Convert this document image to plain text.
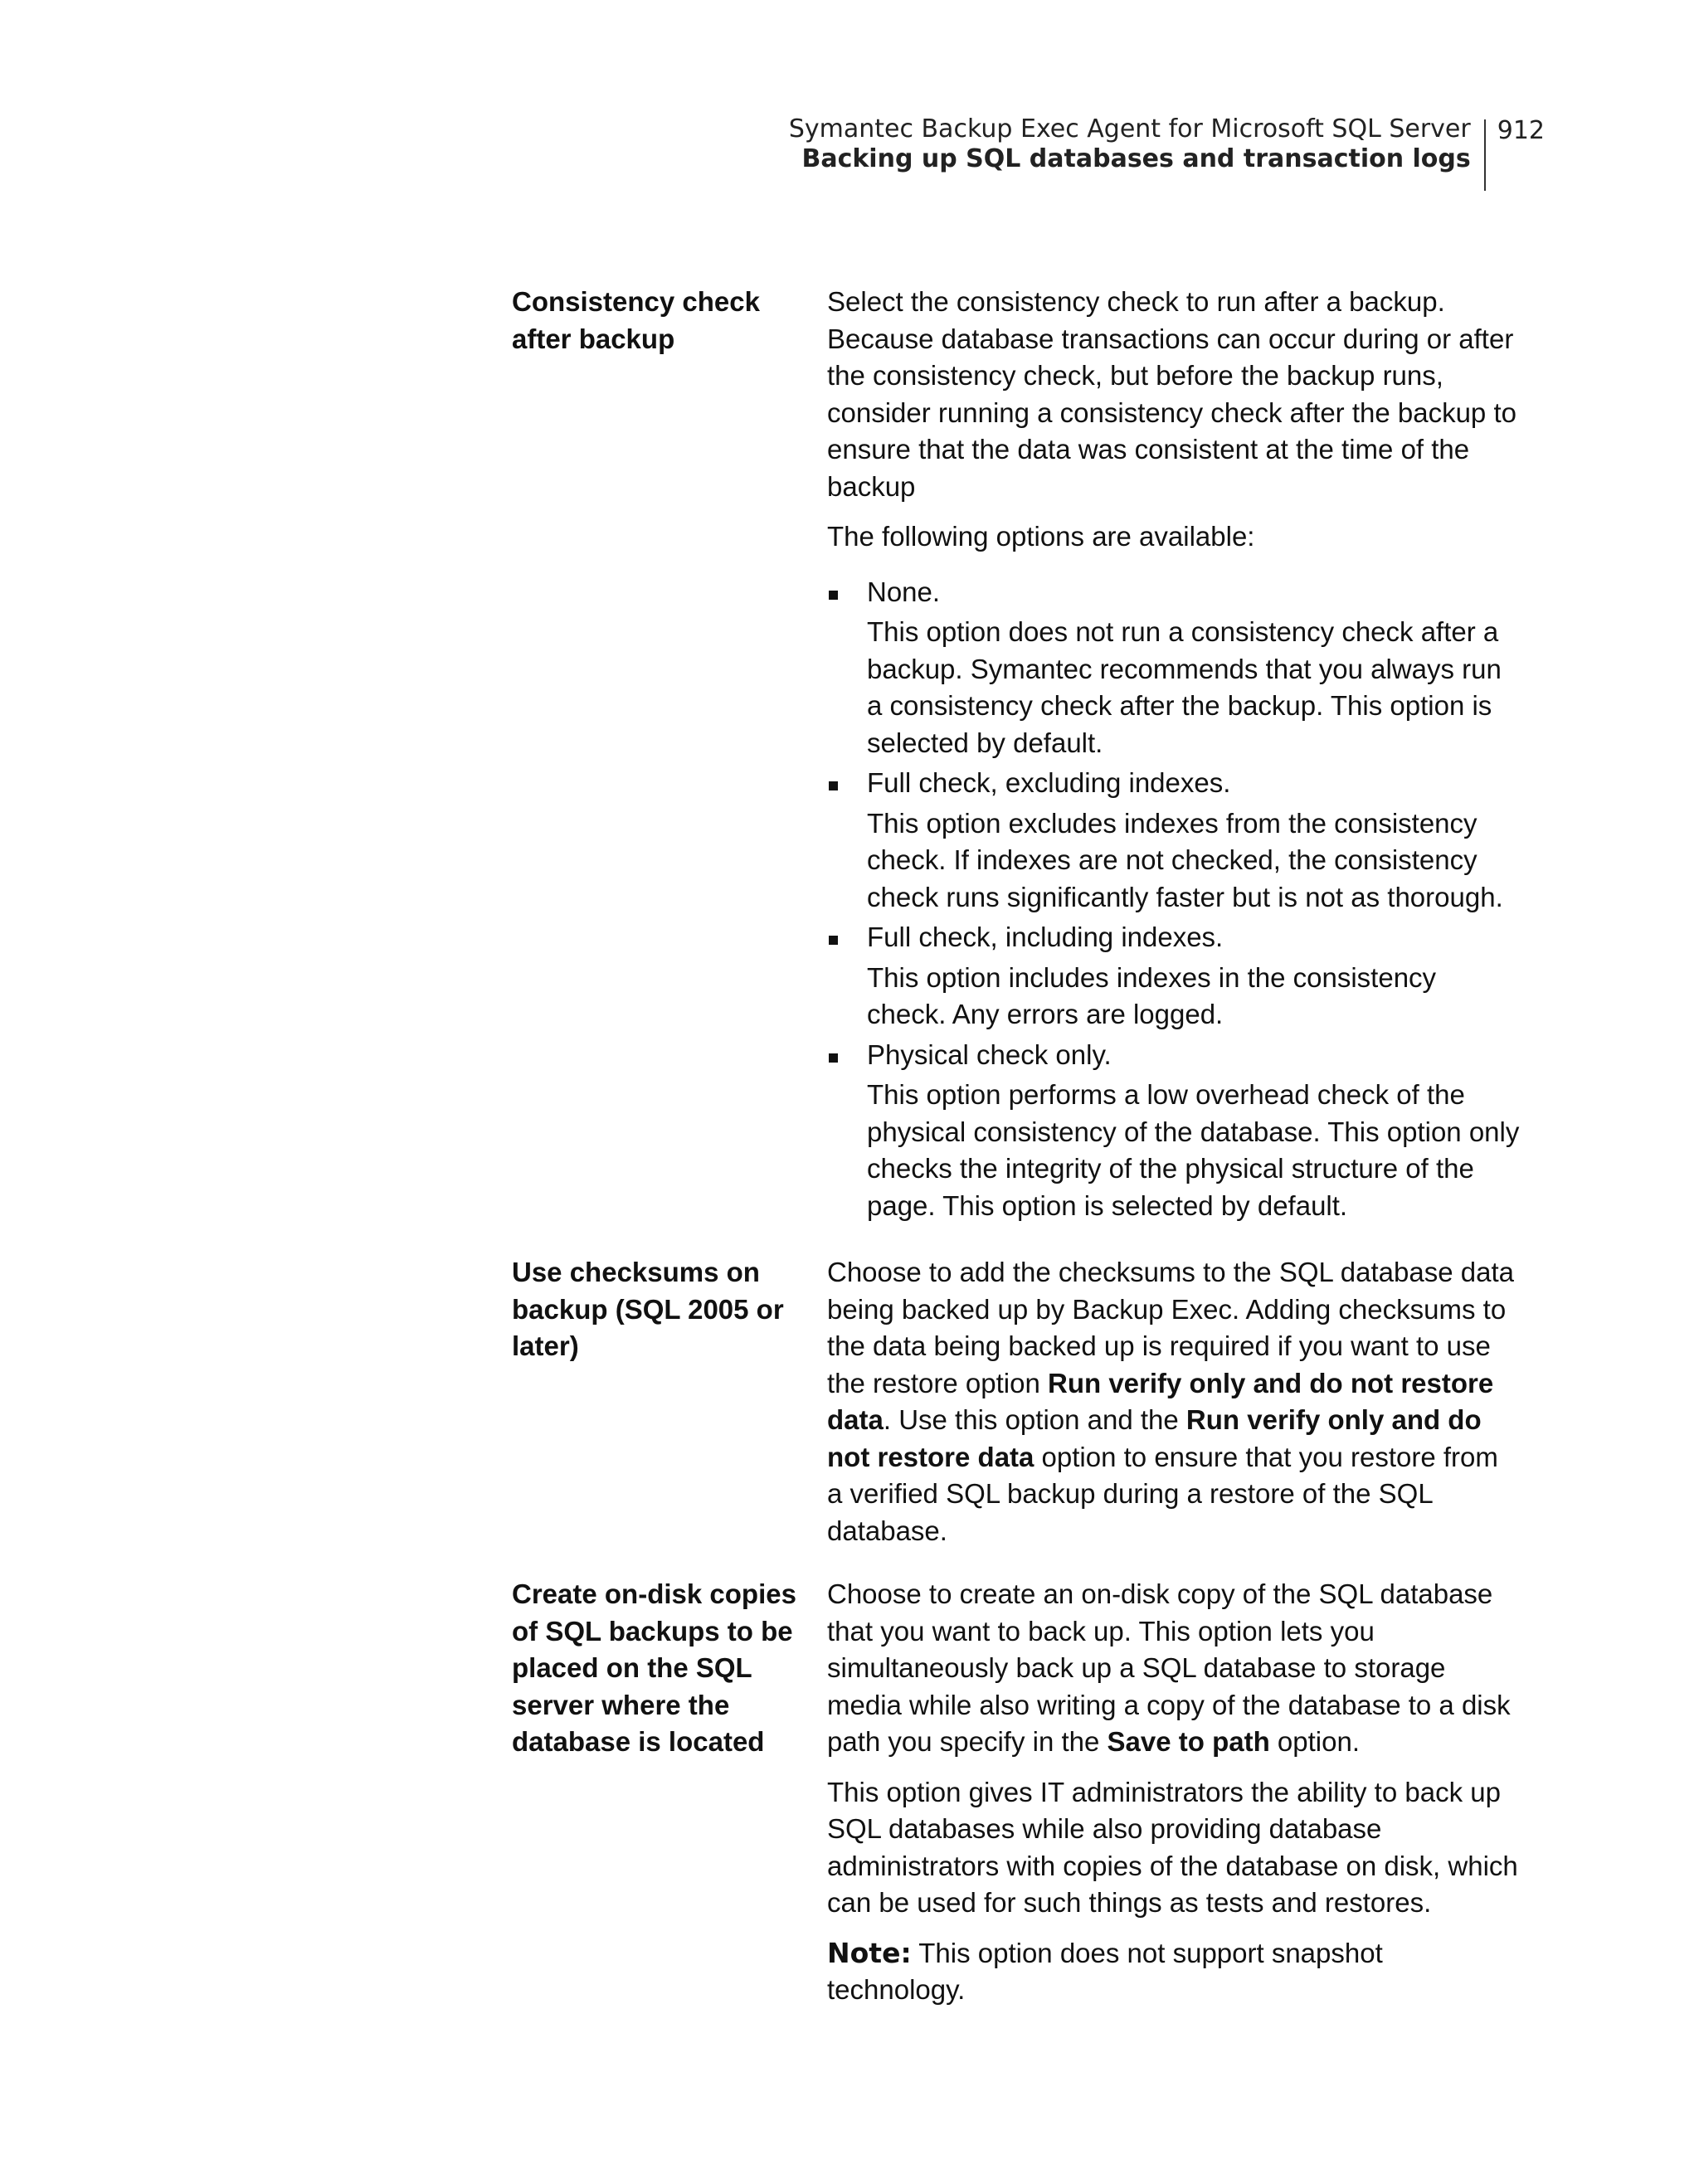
Symantec Backup Exec Agent for Microsoft SQL Server
Backing up SQL databases and transaction logs
912
Consistency check after backup

Select the consistency check to run after a backup. Because database transactions can occur during or after the consistency check, but before the backup runs, consider running a consistency check after the backup to ensure that the data was consistent at the time of the backup

The following options are available:

None.
This option does not run a consistency check after a backup. Symantec recommends that you always run a consistency check after the backup. This option is selected by default.
Full check, excluding indexes.
This option excludes indexes from the consistency check. If indexes are not checked, the consistency check runs significantly faster but is not as thorough.
Full check, including indexes.
This option includes indexes in the consistency check. Any errors are logged.
Physical check only.
This option performs a low overhead check of the physical consistency of the database. This option only checks the integrity of the physical structure of the page. This option is selected by default.
Use checksums on backup (SQL 2005 or later)

Choose to add the checksums to the SQL database data being backed up by Backup Exec. Adding checksums to the data being backed up is required if you want to use the restore option Run verify only and do not restore data. Use this option and the Run verify only and do not restore data option to ensure that you restore from a verified SQL backup during a restore of the SQL database.

Create on-disk copies of SQL backups to be placed on the SQL server where the database is located

Choose to create an on-disk copy of the SQL database that you want to back up. This option lets you simultaneously back up a SQL database to storage media while also writing a copy of the database to a disk path you specify in the Save to path option.

This option gives IT administrators the ability to back up SQL databases while also providing database administrators with copies of the database on disk, which can be used for such things as tests and restores.

Note: This option does not support snapshot technology.
